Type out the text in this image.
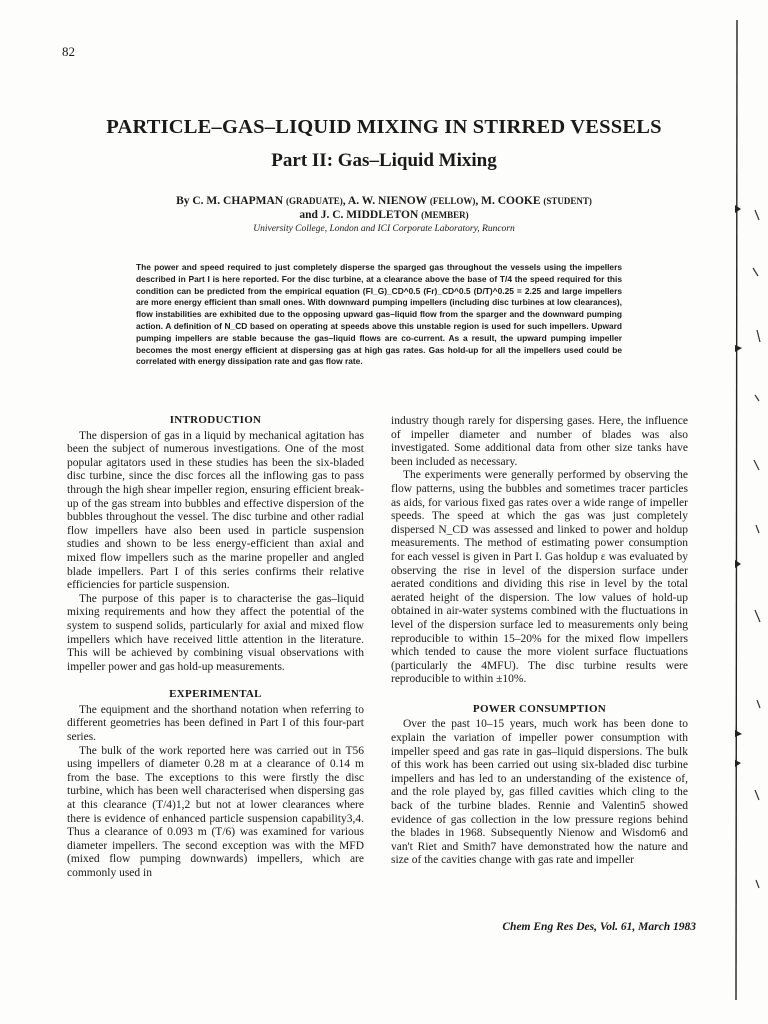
82
PARTICLE–GAS–LIQUID MIXING IN STIRRED VESSELS
Part II: Gas–Liquid Mixing
By C. M. CHAPMAN (GRADUATE), A. W. NIENOW (FELLOW), M. COOKE (STUDENT)
and J. C. MIDDLETON (MEMBER)
University College, London and ICI Corporate Laboratory, Runcorn
The power and speed required to just completely disperse the sparged gas throughout the vessels using the impellers described in Part I is here reported. For the disc turbine, at a clearance above the base of T/4 the speed required for this condition can be predicted from the empirical equation (Fl_G)_CD^0.5 (Fr)_CD^0.5 (D/T)^0.25 = 2.25 and large impellers are more energy efficient than small ones. With downward pumping impellers (including disc turbines at low clearances), flow instabilities are exhibited due to the opposing upward gas–liquid flow from the sparger and the downward pumping action. A definition of N_CD based on operating at speeds above this unstable region is used for such impellers. Upward pumping impellers are stable because the gas–liquid flows are co-current. As a result, the upward pumping impeller becomes the most energy efficient at dispersing gas at high gas rates. Gas hold-up for all the impellers used could be correlated with energy dissipation rate and gas flow rate.
INTRODUCTION

The dispersion of gas in a liquid by mechanical agitation has been the subject of numerous investigations. One of the most popular agitators used in these studies has been the six-bladed disc turbine, since the disc forces all the inflowing gas to pass through the high shear impeller region, ensuring efficient break-up of the gas stream into bubbles and effective dispersion of the bubbles throughout the vessel. The disc turbine and other radial flow impellers have also been used in particle suspension studies and shown to be less energy-efficient than axial and mixed flow impellers such as the marine propeller and angled blade impellers. Part I of this series confirms their relative efficiencies for particle suspension.

The purpose of this paper is to characterise the gas–liquid mixing requirements and how they affect the potential of the system to suspend solids, particularly for axial and mixed flow impellers which have received little attention in the literature. This will be achieved by combining visual observations with impeller power and gas hold-up measurements.

EXPERIMENTAL

The equipment and the shorthand notation when referring to different geometries has been defined in Part I of this four-part series.

The bulk of the work reported here was carried out in T56 using impellers of diameter 0.28 m at a clearance of 0.14 m from the base. The exceptions to this were firstly the disc turbine, which has been well characterised when dispersing gas at this clearance (T/4)1,2 but not at lower clearances where there is evidence of enhanced particle suspension capability3,4. Thus a clearance of 0.093 m (T/6) was examined for various diameter impellers. The second exception was with the MFD (mixed flow pumping downwards) impellers, which are commonly used in

industry though rarely for dispersing gases. Here, the influence of impeller diameter and number of blades was also investigated. Some additional data from other size tanks have been included as necessary.

The experiments were generally performed by observing the flow patterns, using the bubbles and sometimes tracer particles as aids, for various fixed gas rates over a wide range of impeller speeds. The speed at which the gas was just completely dispersed N_CD was assessed and linked to power and holdup measurements. The method of estimating power consumption for each vessel is given in Part I. Gas holdup ε was evaluated by observing the rise in level of the dispersion surface under aerated conditions and dividing this rise in level by the total aerated height of the dispersion. The low values of hold-up obtained in air-water systems combined with the fluctuations in level of the dispersion surface led to measurements only being reproducible to within 15–20% for the mixed flow impellers which tended to cause the more violent surface fluctuations (particularly the 4MFU). The disc turbine results were reproducible to within ±10%.

POWER CONSUMPTION

Over the past 10–15 years, much work has been done to explain the variation of impeller power consumption with impeller speed and gas rate in gas–liquid dispersions. The bulk of this work has been carried out using six-bladed disc turbine impellers and has led to an understanding of the existence of, and the role played by, gas filled cavities which cling to the back of the turbine blades. Rennie and Valentin5 showed evidence of gas collection in the low pressure regions behind the blades in 1968. Subsequently Nienow and Wisdom6 and van't Riet and Smith7 have demonstrated how the nature and size of the cavities change with gas rate and impeller

Chem Eng Res Des, Vol. 61, March 1983
